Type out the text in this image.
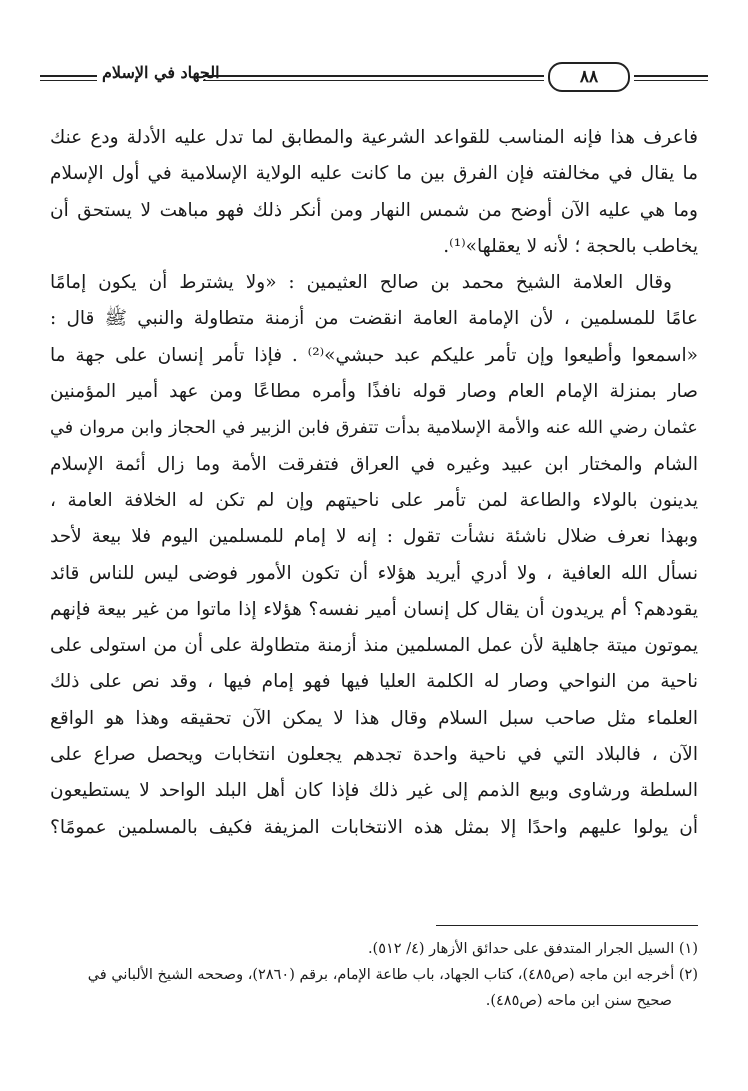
٨٨
الجهاد في الإسلام
فاعرف هذا فإنه المناسب للقواعد الشرعية والمطابق لما تدل عليه الأدلة ودع عنك
ما يقال في مخالفته فإن الفرق بين ما كانت عليه الولاية الإسلامية في أول الإسلام
وما هي عليه الآن أوضح من شمس النهار ومن أنكر ذلك فهو مباهت لا يستحق أن
يخاطب بالحجة ؛ لأنه لا يعقلها»⁽¹⁾.
وقال العلامة الشيخ محمد بن صالح العثيمين : «ولا يشترط أن يكون إمامًا
عامًا للمسلمين ، لأن الإمامة العامة انقضت من أزمنة متطاولة والنبي ﷺ قال :
«اسمعوا وأطيعوا وإن تأمر عليكم عبد حبشي»⁽²⁾ . فإذا تأمر إنسان على جهة ما
صار بمنزلة الإمام العام وصار قوله نافذًا وأمره مطاعًا ومن عهد أمير المؤمنين
عثمان رضي الله عنه والأمة الإسلامية بدأت تتفرق فابن الزبير في الحجاز وابن مروان في
الشام والمختار ابن عبيد وغيره في العراق فتفرقت الأمة وما زال أئمة الإسلام
يدينون بالولاء والطاعة لمن تأمر على ناحيتهم وإن لم تكن له الخلافة العامة ،
وبهذا نعرف ضلال ناشئة نشأت تقول : إنه لا إمام للمسلمين اليوم فلا بيعة لأحد
نسأل الله العافية ، ولا أدري أيريد هؤلاء أن تكون الأمور فوضى ليس للناس قائد
يقودهم؟ أم يريدون أن يقال كل إنسان أمير نفسه؟ هؤلاء إذا ماتوا من غير بيعة فإنهم
يموتون ميتة جاهلية لأن عمل المسلمين منذ أزمنة متطاولة على أن من استولى على
ناحية من النواحي وصار له الكلمة العليا فيها فهو إمام فيها ، وقد نص على ذلك
العلماء مثل صاحب سبل السلام وقال هذا لا يمكن الآن تحقيقه وهذا هو الواقع
الآن ، فالبلاد التي في ناحية واحدة تجدهم يجعلون انتخابات ويحصل صراع على
السلطة ورشاوى وبيع الذمم إلى غير ذلك فإذا كان أهل البلد الواحد لا يستطيعون
أن يولوا عليهم واحدًا إلا بمثل هذه الانتخابات المزيفة فكيف بالمسلمين عمومًا؟
(١) السيل الجرار المتدفق على حدائق الأزهار (٤/ ٥١٢).
(٢) أخرجه ابن ماجه (ص٤٨٥)، كتاب الجهاد، باب طاعة الإمام، برقم (٢٨٦٠)، وصححه الشيخ الألباني في
صحيح سنن ابن ماحه (ص٤٨٥).
